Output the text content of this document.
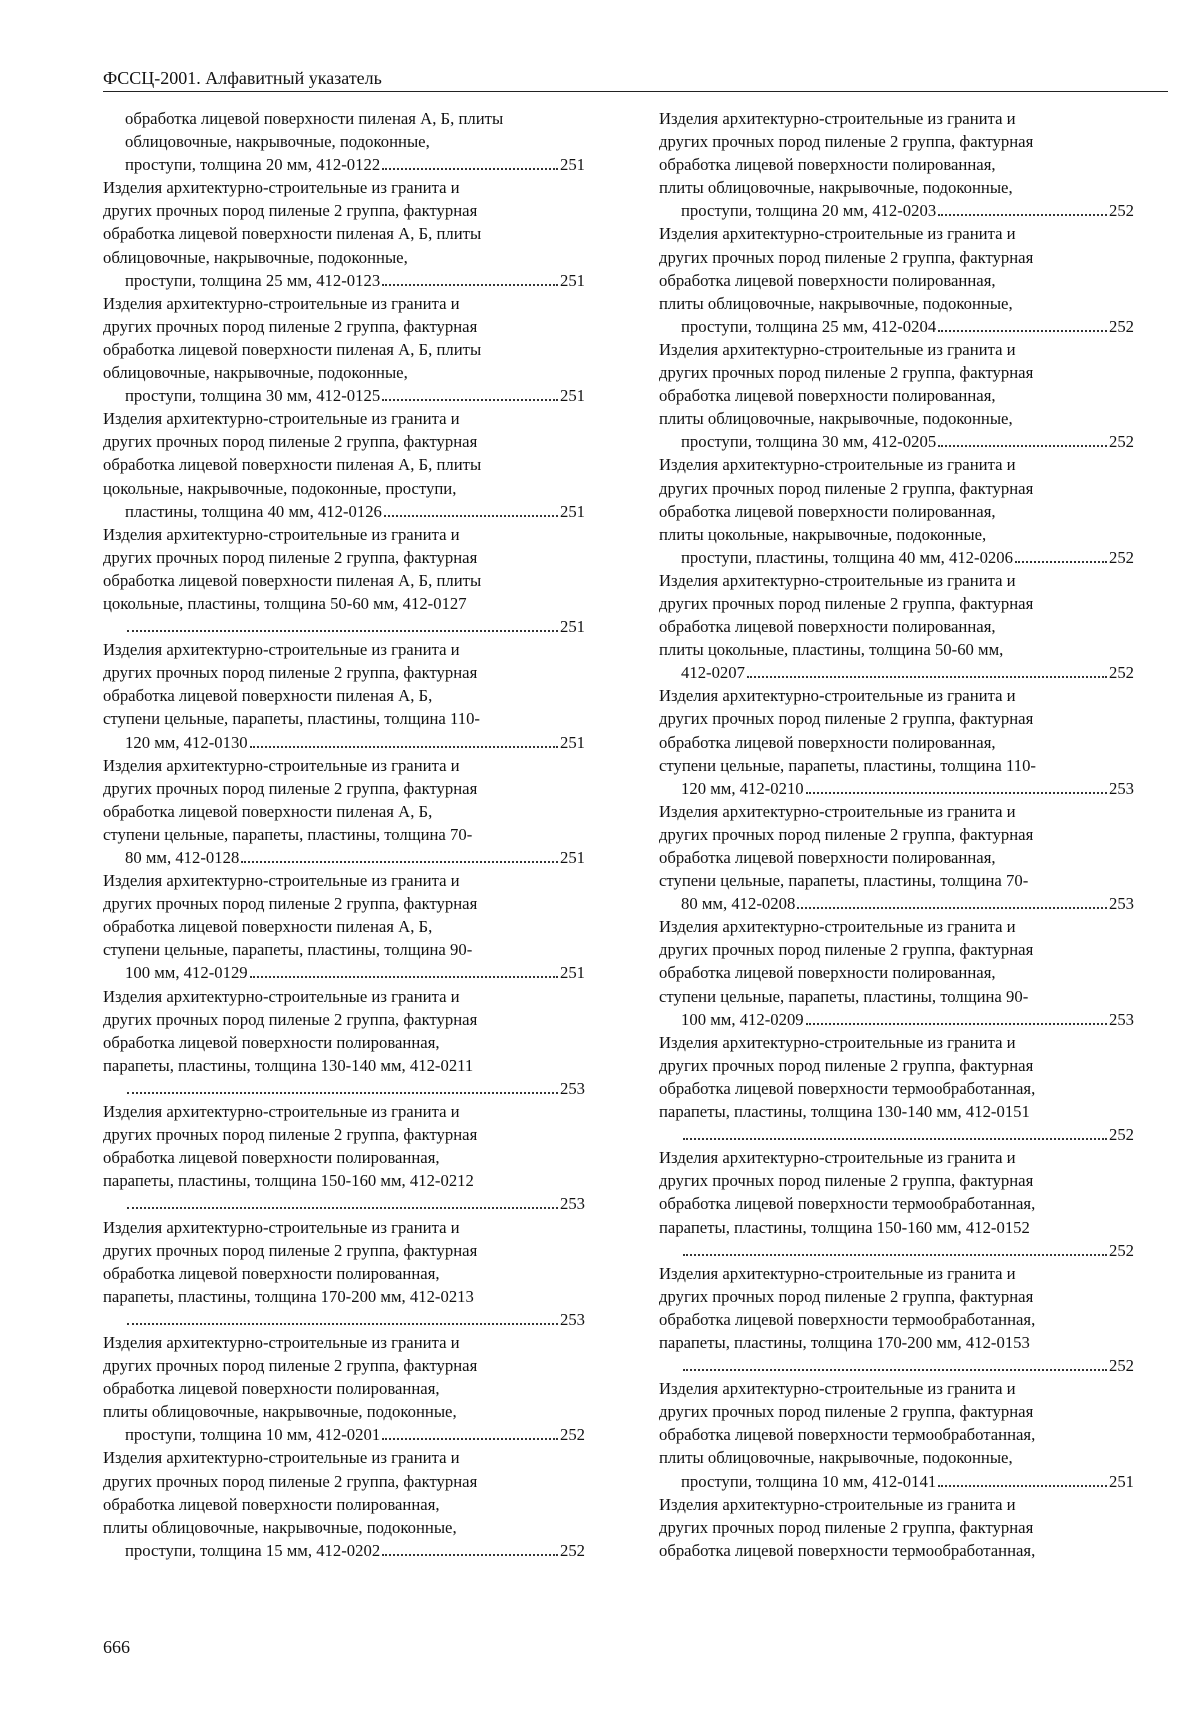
ФССЦ-2001. Алфавитный указатель
обработка лицевой поверхности пиленая А, Б, плиты
облицовочные, накрывочные, подоконные,
проступи, толщина 20 мм, 412-0122	251
Изделия архитектурно-строительные из гранита и
других прочных пород пиленые 2 группа, фактурная
обработка лицевой поверхности пиленая А, Б, плиты
облицовочные, накрывочные, подоконные,
проступи, толщина 25 мм, 412-0123	251
Изделия архитектурно-строительные из гранита и
других прочных пород пиленые 2 группа, фактурная
обработка лицевой поверхности пиленая А, Б, плиты
облицовочные, накрывочные, подоконные,
проступи, толщина 30 мм, 412-0125	251
Изделия архитектурно-строительные из гранита и
других прочных пород пиленые 2 группа, фактурная
обработка лицевой поверхности пиленая А, Б, плиты
цокольные, накрывочные, подоконные, проступи,
пластины, толщина 40 мм, 412-0126	251
Изделия архитектурно-строительные из гранита и
других прочных пород пиленые 2 группа, фактурная
обработка лицевой поверхности пиленая А, Б, плиты
цокольные, пластины, толщина 50-60 мм, 412-0127
251
Изделия архитектурно-строительные из гранита и
других прочных пород пиленые 2 группа, фактурная
обработка лицевой поверхности пиленая А, Б,
ступени цельные, парапеты, пластины, толщина 110-
120 мм, 412-0130	251
Изделия архитектурно-строительные из гранита и
других прочных пород пиленые 2 группа, фактурная
обработка лицевой поверхности пиленая А, Б,
ступени цельные, парапеты, пластины, толщина 70-
80 мм, 412-0128	251
Изделия архитектурно-строительные из гранита и
других прочных пород пиленые 2 группа, фактурная
обработка лицевой поверхности пиленая А, Б,
ступени цельные, парапеты, пластины, толщина 90-
100 мм, 412-0129	251
Изделия архитектурно-строительные из гранита и
других прочных пород пиленые 2 группа, фактурная
обработка лицевой поверхности полированная,
парапеты, пластины, толщина 130-140 мм, 412-0211
253
Изделия архитектурно-строительные из гранита и
других прочных пород пиленые 2 группа, фактурная
обработка лицевой поверхности полированная,
парапеты, пластины, толщина 150-160 мм, 412-0212
253
Изделия архитектурно-строительные из гранита и
других прочных пород пиленые 2 группа, фактурная
обработка лицевой поверхности полированная,
парапеты, пластины, толщина 170-200 мм, 412-0213
253
Изделия архитектурно-строительные из гранита и
других прочных пород пиленые 2 группа, фактурная
обработка лицевой поверхности полированная,
плиты облицовочные, накрывочные, подоконные,
проступи, толщина 10 мм, 412-0201	252
Изделия архитектурно-строительные из гранита и
других прочных пород пиленые 2 группа, фактурная
обработка лицевой поверхности полированная,
плиты облицовочные, накрывочные, подоконные,
проступи, толщина 15 мм, 412-0202	252
Изделия архитектурно-строительные из гранита и
других прочных пород пиленые 2 группа, фактурная
обработка лицевой поверхности полированная,
плиты облицовочные, накрывочные, подоконные,
проступи, толщина 20 мм, 412-0203	252
Изделия архитектурно-строительные из гранита и
других прочных пород пиленые 2 группа, фактурная
обработка лицевой поверхности полированная,
плиты облицовочные, накрывочные, подоконные,
проступи, толщина 25 мм, 412-0204	252
Изделия архитектурно-строительные из гранита и
других прочных пород пиленые 2 группа, фактурная
обработка лицевой поверхности полированная,
плиты облицовочные, накрывочные, подоконные,
проступи, толщина 30 мм, 412-0205	252
Изделия архитектурно-строительные из гранита и
других прочных пород пиленые 2 группа, фактурная
обработка лицевой поверхности полированная,
плиты цокольные, накрывочные, подоконные,
проступи, пластины, толщина 40 мм, 412-0206	252
Изделия архитектурно-строительные из гранита и
других прочных пород пиленые 2 группа, фактурная
обработка лицевой поверхности полированная,
плиты цокольные, пластины, толщина 50-60 мм,
412-0207	252
Изделия архитектурно-строительные из гранита и
других прочных пород пиленые 2 группа, фактурная
обработка лицевой поверхности полированная,
ступени цельные, парапеты, пластины, толщина 110-
120 мм, 412-0210	253
Изделия архитектурно-строительные из гранита и
других прочных пород пиленые 2 группа, фактурная
обработка лицевой поверхности полированная,
ступени цельные, парапеты, пластины, толщина 70-
80 мм, 412-0208	253
Изделия архитектурно-строительные из гранита и
других прочных пород пиленые 2 группа, фактурная
обработка лицевой поверхности полированная,
ступени цельные, парапеты, пластины, толщина 90-
100 мм, 412-0209	253
Изделия архитектурно-строительные из гранита и
других прочных пород пиленые 2 группа, фактурная
обработка лицевой поверхности термообработанная,
парапеты, пластины, толщина 130-140 мм, 412-0151
252
Изделия архитектурно-строительные из гранита и
других прочных пород пиленые 2 группа, фактурная
обработка лицевой поверхности термообработанная,
парапеты, пластины, толщина 150-160 мм, 412-0152
252
Изделия архитектурно-строительные из гранита и
других прочных пород пиленые 2 группа, фактурная
обработка лицевой поверхности термообработанная,
парапеты, пластины, толщина 170-200 мм, 412-0153
252
Изделия архитектурно-строительные из гранита и
других прочных пород пиленые 2 группа, фактурная
обработка лицевой поверхности термообработанная,
плиты облицовочные, накрывочные, подоконные,
проступи, толщина 10 мм, 412-0141	251
Изделия архитектурно-строительные из гранита и
других прочных пород пиленые 2 группа, фактурная
обработка лицевой поверхности термообработанная,
666
